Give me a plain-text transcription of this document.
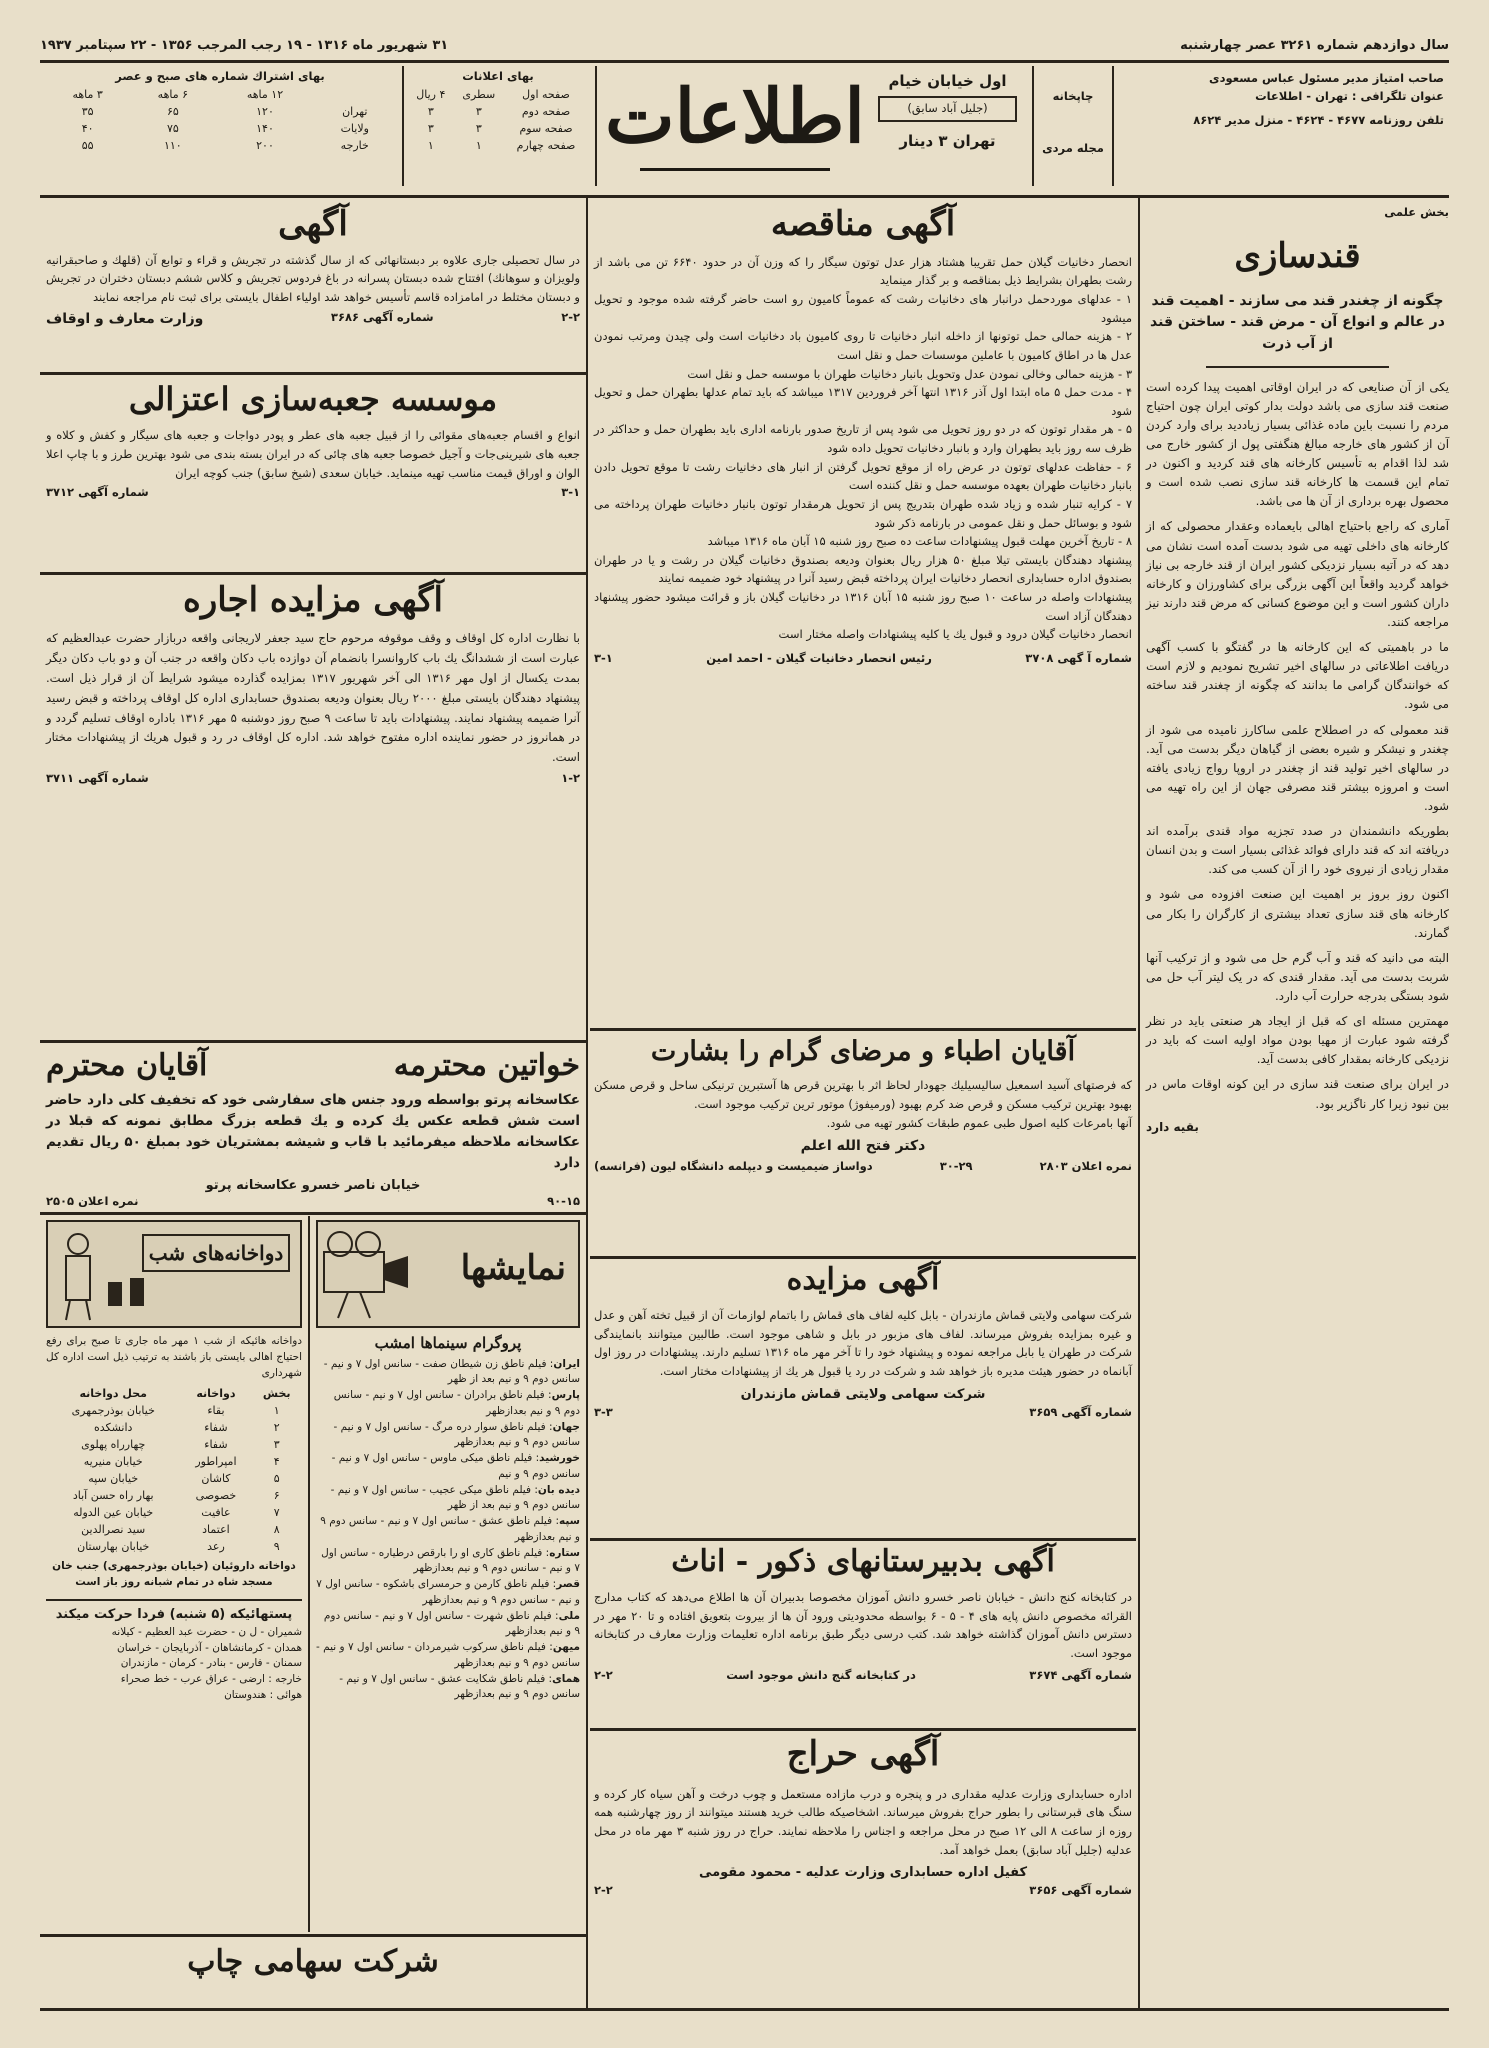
سال دوازدهم شماره ۳۲۶۱ عصر چهارشنبه
۳۱ شهریور ماه ۱۳۱۶ - ۱۹ رجب المرجب ۱۳۵۶ - ۲۲ سپتامبر ۱۹۳۷
صاحب امتیاز مدیر مسئول عباس مسعودی
عنوان تلگرافی : تهران - اطلاعات
تلفن روزنامه ۴۶۷۷ - ۴۶۲۴ - منزل مدیر ۸۶۲۴
چاپخانه
مجله مردی
اول خیابان خیام
(جلیل آباد سابق)
تهران ۳ دینار
اطلاعات
بهای اعلانات
صفحه اول	سطری	۴ ریال
صفحه دوم	۳	۳
صفحه سوم	۳	۳
صفحه چهارم	۱	۱
بهای اشتراك شماره های صبح و عصر
	۱۲ ماهه	۶ ماهه	۳ ماهه
تهران	۱۲۰	۶۵	۳۵
ولایات	۱۴۰	۷۵	۴۰
خارجه	۲۰۰	۱۱۰	۵۵
بخش علمی
قندسازی
چگونه از چغندر قند می سازند - اهمیت قند در عالم و انواع آن - مرض قند - ساختن قند از آب ذرت
یکی از آن صنایعی که در ایران اوقاتی اهمیت پیدا کرده است صنعت قند سازی می باشد دولت بدار کوتی ایران چون احتیاج مردم را نسبت باین ماده غذائی بسیار زیاددید برای وارد کردن آن از کشور های خارجه مبالغ هنگفتی پول از کشور خارج می شد لذا اقدام به تأسیس کارخانه های قند کردید و اکنون در تمام این قسمت ها کارخانه قند سازی نصب شده است و محصول بهره برداری از آن ها می باشد.
آماری که راجع باحتیاج اهالی بایعماده وعقدار محصولی که از کارخانه های داخلی تهیه می شود بدست آمده است نشان می دهد که در آتیه بسیار نزدیکی کشور ایران از قند خارجه بی نیاز خواهد گردید واقعاً این آگهی بزرگی برای کشاورزان و کارخانه داران کشور است و این موضوع کسانی که مرض قند دارند نیز مراجعه کنند.
ما در باهمیتی که این کارخانه ها در گفتگو با کسب آگهی دریافت اطلاعاتی در سالهای اخیر تشریح نمودیم و لازم است که خوانندگان گرامی ما بدانند که چگونه از چغندر قند ساخته می شود.
قند معمولی که در اصطلاح علمی ساکارز نامیده می شود از چغندر و نیشکر و شیره بعضی از گیاهان دیگر بدست می آید. در سالهای اخیر تولید قند از چغندر در اروپا رواج زیادی یافته است و امروزه بیشتر قند مصرفی جهان از این راه تهیه می شود.
بطوریکه دانشمندان در صدد تجزیه مواد قندی برآمده اند دریافته اند که قند دارای فوائد غذائی بسیار است و بدن انسان مقدار زیادی از نیروی خود را از آن کسب می کند.
اکنون روز بروز بر اهمیت این صنعت افزوده می شود و کارخانه های قند سازی تعداد بیشتری از کارگران را بکار می گمارند.
البته می دانید که قند و آب گرم حل می شود و از ترکیب آنها شربت بدست می آید. مقدار قندی که در یک لیتر آب حل می شود بستگی بدرجه حرارت آب دارد.
مهمترین مسئله ای که قبل از ایجاد هر صنعتی باید در نظر گرفته شود عبارت از مهیا بودن مواد اولیه است که باید در نزدیکی کارخانه بمقدار کافی بدست آید.
در ایران برای صنعت قند سازی در این کونه اوقات ماس در بین نبود زیرا کار ناگزیر بود.
بقیه دارد
آگهی مناقصه
انحصار دخانیات گیلان حمل تقریبا هشتاد هزار عدل توتون سیگار را که وزن آن در حدود ۶۶۴۰ تن می باشد از رشت بطهران بشرایط ذیل بمناقصه و بر گذار مینماید
۱ - عدلهای موردحمل درانبار های دخانیات رشت که عموماً کامیون رو است حاضر گرفته شده موجود و تحویل میشود
۲ - هزینه حمالی حمل توتونها از داخله انبار دخانیات تا روی کامیون باد دخانیات است ولی چیدن ومرتب نمودن عدل ها در اطاق کامیون با عاملین موسسات حمل و نقل است
۳ - هزینه حمالی وخالی نمودن عدل وتحویل بانبار دخانیات طهران با موسسه حمل و نقل است
۴ - مدت حمل ۵ ماه ابتدا اول آذر ۱۳۱۶ انتها آخر فروردین ۱۳۱۷ میباشد که باید تمام عدلها بطهران حمل و تحویل شود
۵ - هر مقدار توتون که در دو روز تحویل می شود پس از تاریخ صدور بارنامه اداری باید بطهران حمل و حداکثر در ظرف سه روز باید بطهران وارد و بانبار دخانیات تحویل داده شود
۶ - حفاظت عدلهای توتون در عرض راه از موقع تحویل گرفتن از انبار های دخانیات رشت تا موقع تحویل دادن بانبار دخانیات طهران بعهده موسسه حمل و نقل کننده است
۷ - کرایه تنبار شده و زیاد شده طهران بتدریج پس از تحویل هرمقدار توتون بانبار دخانیات طهران پرداخته می شود و بوسائل حمل و نقل عمومی در بارنامه ذکر شود
۸ - تاریخ آخرین مهلت قبول پیشنهادات ساعت ده صبح روز شنبه ۱۵ آبان ماه ۱۳۱۶ میباشد
پیشنهاد دهندگان بایستی تیلا مبلغ ۵۰ هزار ریال بعنوان ودیعه بصندوق دخانیات گیلان در رشت و یا در طهران بصندوق اداره حسابداری انحصار دخانیات ایران پرداخته قبض رسید آنرا در پیشنهاد خود ضمیمه نمایند
پیشنهادات واصله در ساعت ۱۰ صبح روز شنبه ۱۵ آبان ۱۳۱۶ در دخانیات گیلان باز و قرائت میشود حضور پیشنهاد دهندگان آزاد است
انحصار دخانیات گیلان درود و قبول یك یا كلیه پیشنهادات واصله مختار است
شماره آ گهی ۳۷۰۸
رئیس انحصار دخانیات گیلان - احمد امین
۳-۱
آقایان اطباء و مرضای گرام را بشارت
که فرصتهای آسید اسمعیل سالیسیلیك جهودار لحاظ اثر با بهترین قرص ها آستبرین ترنیکی ساحل و قرص مسکن بهبود بهترین تركیب مسكن و قرص ضد كرم بهبود (ورمیفوژ) موتور ترین تركیب موجود است.
آنها بامرعات کلیه اصول طبی عموم طبقات کشور تهیه می شود.
دکتر فتح الله اعلم
نمره اعلان ۲۸۰۳
۳۰-۲۹
دواساز ضیمیست و دیپلمه دانشگاه لیون (فرانسه)
آگهی مزایده
شرکت سهامی ولایتی قماش مازندران - بابل کلیه لفاف های قماش را باتمام لوازمات آن از قبیل تخته آهن و عدل و غیره بمزایده بفروش میرساند. لفاف های مزبور در بابل و شاهی موجود است. طالبین میتوانند بانمایندگی شرکت در طهران یا بابل مراجعه نموده و پیشنهاد خود را تا آخر مهر ماه ۱۳۱۶ تسلیم دارند. پیشنهادات در روز اول آبانماه در حضور هیئت مدیره باز خواهد شد و شرکت در رد یا قبول هر یك از پیشنهادات مختار است.
شرکت سهامی ولایتی قماش مازندران
شماره آگهی ۳۶۵۹
۳-۳
آگهی بدبیرستانهای ذکور - اناث
در کتابخانه کنج دانش - خیابان ناصر خسرو دانش آموزان مخصوصا بدبیران آن ها اطلاع می‌دهد که کتاب مدارج القرائه مخصوص دانش پایه های ۴ - ۵ - ۶ بواسطه محدودیتی ورود آن ها از بیروت بتعویق افتاده و تا ۲۰ مهر در دسترس دانش آموزان گذاشته خواهد شد. کتب درسی دیگر طبق برنامه اداره تعلیمات وزارت معارف در کتابخانه موجود است.
شماره آگهی ۳۶۷۴
در کتابخانه گنج دانش موجود است
۲-۲
آگهی حراج
اداره حسابداری وزارت عدلیه مقداری در و پنجره و درب مازاده مستعمل و چوب درخت و آهن سیاه کار کرده و سنگ های قبرستانی را بطور حراج بفروش میرساند. اشخاصیکه طالب خرید هستند میتوانند از روز چهارشنبه همه روزه از ساعت ۸ الی ۱۲ صبح در محل مراجعه و اجناس را ملاحظه نمایند. حراج در روز شنبه ۳ مهر ماه در محل عدلیه (جلیل آباد سابق) بعمل خواهد آمد.
کفیل اداره حسابداری وزارت عدلیه - محمود مقومی
شماره آگهی ۳۶۵۶
۲-۲
آگهی
در سال تحصیلی جاری علاوه بر دبستانهائی که از سال گذشته در تجریش و قراء و توابع آن (قلهك و صاحبقرانیه ولویزان و سوهانك) افتتاح شده دبستان پسرانه در باغ فردوس تجریش و کلاس ششم دبستان دختران در تجریش و دبستان مختلط در امامزاده قاسم تأسیس خواهد شد اولیاء اطفال بایستی برای ثبت نام مراجعه نمایند
۲-۲
شماره آگهی ۳۶۸۶
وزارت معارف و اوقاف
موسسه جعبه‌سازی اعتزالی
انواع و اقسام جعبه‌های مقوائی را از قبیل جعبه های عطر و پودر دواجات و جعبه های سیگار و کفش و کلاه و جعبه های شیرینی‌جات و آجیل خصوصا جعبه های چائی که در ایران بسته بندی می شود بهترین طرز و با چاپ اعلا الوان و اوراق قیمت مناسب تهیه مینماید. خیابان سعدی (شیخ سابق) جنب کوچه ایران
۳-۱
شماره آگهی ۳۷۱۲
آگهی مزایده اجاره
با نظارت اداره کل اوقاف و وقف موقوفه مرحوم حاج سید جعفر لاریجانی واقعه دربازار حضرت عبدالعظیم که عبارت است از ششدانگ یك باب کاروانسرا بانضمام آن دوازده باب دکان واقعه در جنب آن و دو باب دکان دیگر بمدت یکسال از اول مهر ۱۳۱۶ الی آخر شهریور ۱۳۱۷ بمزایده گذارده میشود شرایط آن از قرار ذیل است. پیشنهاد دهندگان بایستی مبلغ ۲۰۰۰ ریال بعنوان ودیعه بصندوق حسابداری اداره کل اوقاف پرداخته و قبض رسید آنرا ضمیمه پیشنهاد نمایند. پیشنهادات باید تا ساعت ۹ صبح روز دوشنبه ۵ مهر ۱۳۱۶ باداره اوقاف تسلیم گردد و در همانروز در حضور نماینده اداره مفتوح خواهد شد. اداره کل اوقاف در رد و قبول هریك از پیشنهادات مختار است.
۱-۲
شماره آگهی ۳۷۱۱
خواتین محترمه
آقایان محترم
عکاسخانه پرتو بواسطه ورود جنس های سفارشی خود که تخفیف کلی دارد حاضر است شش قطعه عکس یك کرده و یك قطعه بزرگ مطابق نمونه که قبلا در عکاسخانه ملاحظه میفرمائید با قاب و شیشه بمشتریان خود بمبلغ ۵۰ ریال تقدیم دارد
خیابان ناصر خسرو عکاسخانه پرتو
۹۰-۱۵
نمره اعلان ۲۵۰۵
نمایشها
پروگرام سینماها امشب
ایران: فیلم ناطق زن شیطان صفت - سانس اول ۷ و نیم - سانس دوم ۹ و نیم بعد از ظهر
پارس: فیلم ناطق برادران - سانس اول ۷ و نیم - سانس دوم ۹ و نیم بعدازظهر
جهان: فیلم ناطق سوار دره مرگ - سانس اول ۷ و نیم - سانس دوم ۹ و نیم بعدازظهر
خورشید: فیلم ناطق میکی ماوس - سانس اول ۷ و نیم - سانس دوم ۹ و نیم
دیده بان: فیلم ناطق میکی عجیب - سانس اول ۷ و نیم - سانس دوم ۹ و نیم بعد از ظهر
سپه: فیلم ناطق عشق - سانس اول ۷ و نیم - سانس دوم ۹ و نیم بعدازظهر
ستاره: فیلم ناطق کاری او را بارقص درطیاره - سانس اول ۷ و نیم - سانس دوم ۹ و نیم بعدازظهر
قصر: فیلم ناطق کارمن و حرمسرای باشکوه - سانس اول ۷ و نیم - سانس دوم ۹ و نیم بعدازظهر
ملی: فیلم ناطق شهرت - سانس اول ۷ و نیم - سانس دوم ۹ و نیم بعدازظهر
میهن: فیلم ناطق سرکوب شیرمردان - سانس اول ۷ و نیم - سانس دوم ۹ و نیم بعدازظهر
همای: فیلم ناطق شکایت عشق - سانس اول ۷ و نیم - سانس دوم ۹ و نیم بعدازظهر
دواخانه‌های شب
دواخانه هائیکه از شب ۱ مهر ماه جاری تا صبح برای رفع احتیاج اهالی بایستی باز باشند به ترتیب ذیل است اداره کل شهرداری
بخش	دواخانه	محل دواخانه
۱	بقاء	خیابان بوذرجمهری
۲	شفاء	دانشکده
۳	شفاء	چهارراه پهلوی
۴	امپراطور	خیابان منیریه
۵	کاشان	خیابان سپه
۶	خصوصی	بهار راه حسن آباد
۷	عافیت	خیابان عین الدوله
۸	اعتماد	سید نصرالدین
۹	رعد	خیابان بهارستان
دواخانه داروئیان (خیابان بوذرجمهری) جنب خان مسجد شاه در تمام شبانه روز باز است
پستهائیکه (۵ شنبه) فردا حرکت میکند
شمیران - ل ن - حضرت عبد العظیم - کیلانه
همدان - کرمانشاهان - آذربایجان - خراسان
سمنان - فارس - بنادر - کرمان - مازندران
خارجه : ارضی - عراق عرب - خط صحراء
هوائی : هندوستان
شرکت سهامی چاپ
